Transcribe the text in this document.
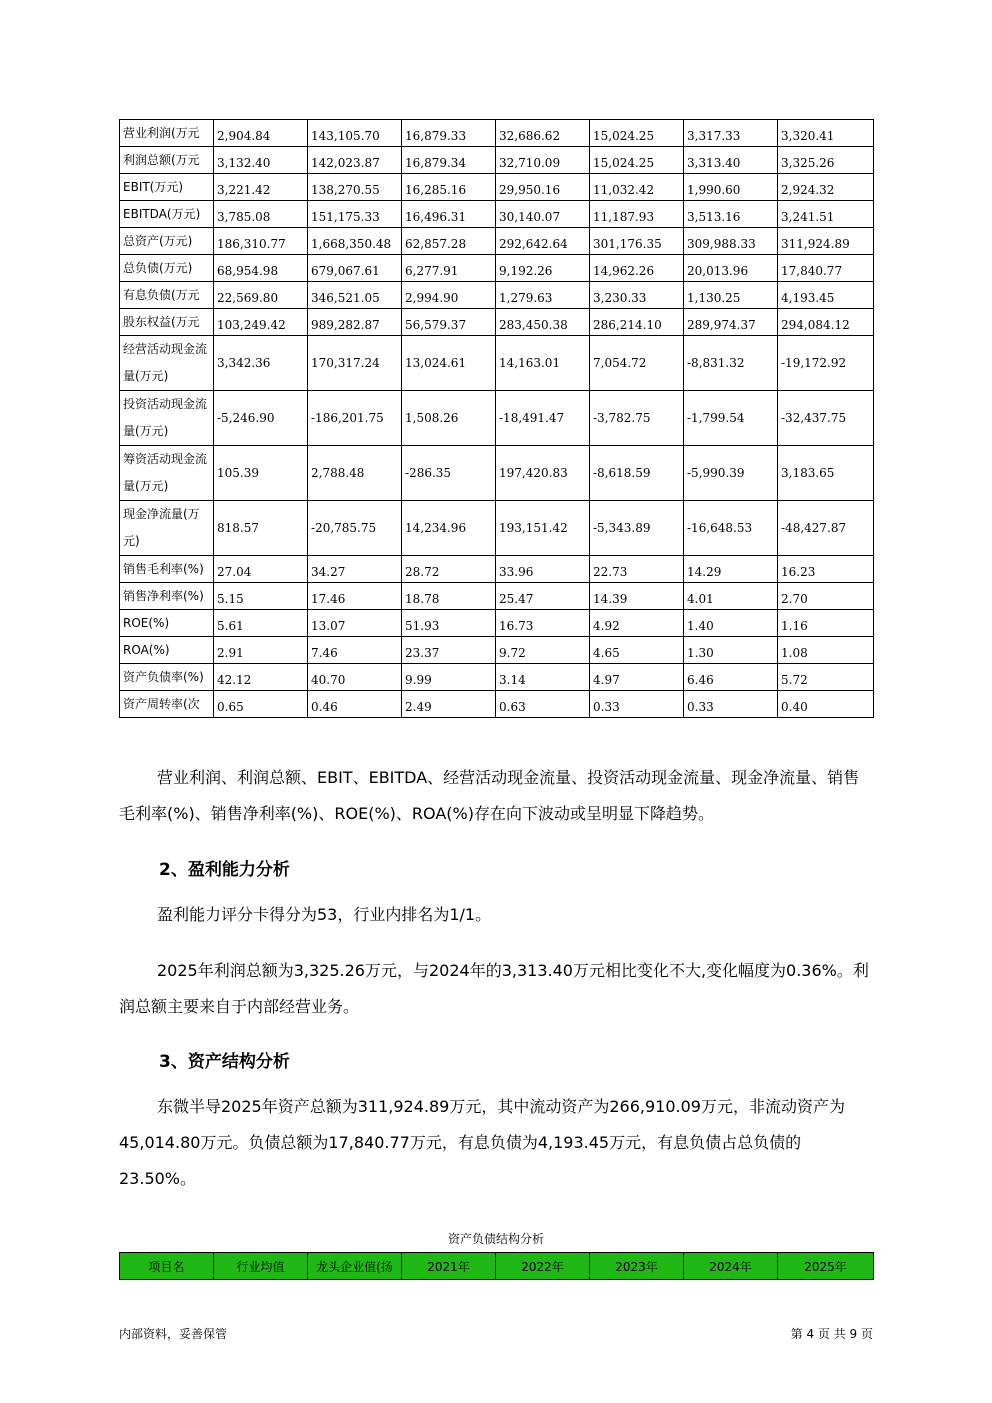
营业利润(万元	2,904.84	143,105.70	16,879.33	32,686.62	15,024.25	3,317.33	3,320.41
利润总额(万元	3,132.40	142,023.87	16,879.34	32,710.09	15,024.25	3,313.40	3,325.26
EBIT(万元)	3,221.42	138,270.55	16,285.16	29,950.16	11,032.42	1,990.60	2,924.32
EBITDA(万元)	3,785.08	151,175.33	16,496.31	30,140.07	11,187.93	3,513.16	3,241.51
总资产(万元)	186,310.77	1,668,350.48	62,857.28	292,642.64	301,176.35	309,988.33	311,924.89
总负债(万元)	68,954.98	679,067.61	6,277.91	9,192.26	14,962.26	20,013.96	17,840.77
有息负债(万元	22,569.80	346,521.05	2,994.90	1,279.63	3,230.33	1,130.25	4,193.45
股东权益(万元	103,249.42	989,282.87	56,579.37	283,450.38	286,214.10	289,974.37	294,084.12
经营活动现金流量(万元)	3,342.36	170,317.24	13,024.61	14,163.01	7,054.72	-8,831.32	-19,172.92
投资活动现金流量(万元)	-5,246.90	-186,201.75	1,508.26	-18,491.47	-3,782.75	-1,799.54	-32,437.75
筹资活动现金流量(万元)	105.39	2,788.48	-286.35	197,420.83	-8,618.59	-5,990.39	3,183.65
现金净流量(万元)	818.57	-20,785.75	14,234.96	193,151.42	-5,343.89	-16,648.53	-48,427.87
销售毛利率(%)	27.04	34.27	28.72	33.96	22.73	14.29	16.23
销售净利率(%)	5.15	17.46	18.78	25.47	14.39	4.01	2.70
ROE(%)	5.61	13.07	51.93	16.73	4.92	1.40	1.16
ROA(%)	2.91	7.46	23.37	9.72	4.65	1.30	1.08
资产负债率(%)	42.12	40.70	9.99	3.14	4.97	6.46	5.72
资产周转率(次	0.65	0.46	2.49	0.63	0.33	0.33	0.40
营业利润、利润总额、EBIT、EBITDA、经营活动现金流量、投资活动现金流量、现金净流量、销售毛利率(%)、销售净利率(%)、ROE(%)、ROA(%)存在向下波动或呈明显下降趋势。
2、盈利能力分析
盈利能力评分卡得分为53，行业内排名为1/1。
2025年利润总额为3,325.26万元，与2024年的3,313.40万元相比变化不大,变化幅度为0.36%。利润总额主要来自于内部经营业务。
3、资产结构分析
东微半导2025年资产总额为311,924.89万元，其中流动资产为266,910.09万元，非流动资产为45,014.80万元。负债总额为17,840.77万元，有息负债为4,193.45万元，有息负债占总负债的23.50%。
资产负债结构分析
项目名	行业均值	龙头企业值(扬	2021年	2022年	2023年	2024年	2025年
内部资料，妥善保管	第 4 页 共 9 页
